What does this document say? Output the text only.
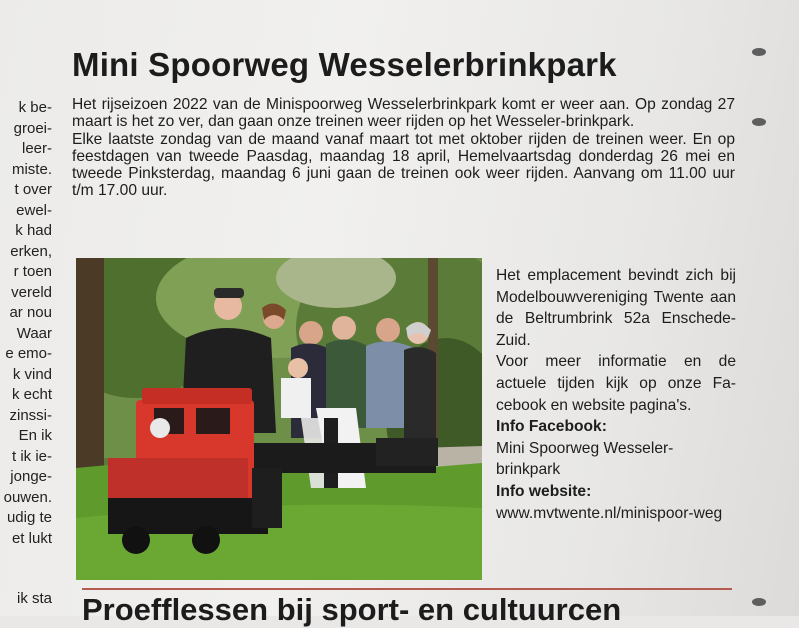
k be-
groei-
leer-
miste.
t over
ewel-
k had
erken,
r toen
vereld
ar nou
Waar
e emo-
k vind
k echt
zinssi-
En ik
t ik ie-
jonge-
ouwen.
udig te
et lukt
ik sta
Mini Spoorweg Wesselerbrinkpark

Het rijseizoen 2022 van de Minispoorweg Wesselerbrinkpark komt er weer aan. Op zondag 27 maart is het zo ver, dan gaan onze treinen weer rijden op het Wesseler-brinkpark.

Elke laatste zondag van de maand vanaf maart tot met oktober rijden de treinen weer. En op feestdagen van tweede Paasdag, maandag 18 april, Hemelvaartsdag donderdag 26 mei en tweede Pinksterdag, maandag 6 juni gaan de treinen ook weer rijden. Aanvang om 11.00 uur t/m 17.00 uur.

Het emplacement bevindt zich bij Modelbouwvereniging Twente aan de Beltrumbrink 52a Enschede-Zuid.

Voor meer informatie en de actuele tijden kijk op onze Fa-cebook en website pagina's.

Info Facebook:

Mini Spoorweg Wesseler-brinkpark

Info website:

www.mvtwente.nl/minispoor-weg

Proefflessen bij sport- en cultuurcen
